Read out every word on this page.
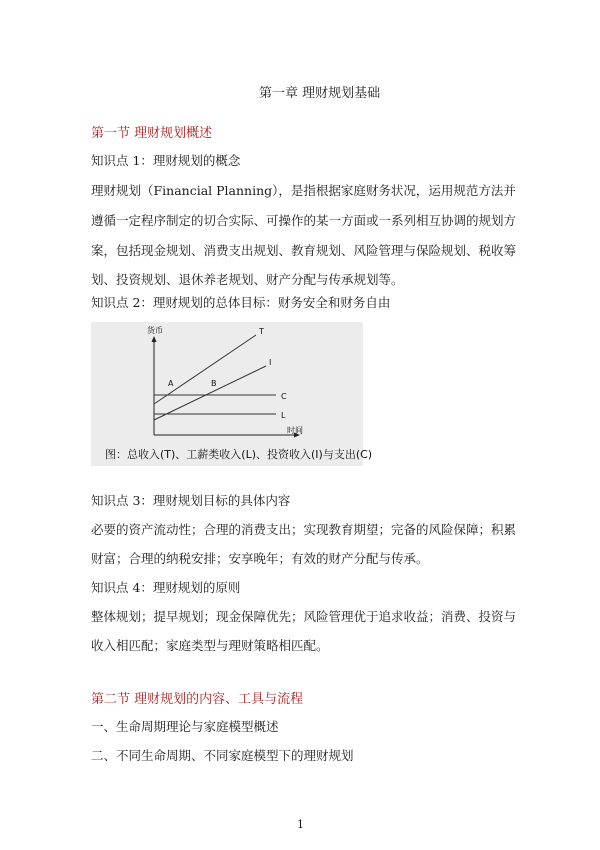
第一章 理财规划基础
第一节 理财规划概述
知识点 1：理财规划的概念
理财规划（Financial Planning），是指根据家庭财务状况，运用规范方法并
遵循一定程序制定的切合实际、可操作的某一方面或一系列相互协调的规划方
案，包括现金规划、消费支出规划、教育规划、风险管理与保险规划、税收筹
划、投资规划、退休养老规划、财产分配与传承规划等。
知识点 2：理财规划的总体目标：财务安全和财务自由
货币
时间
T
I
C
L
A	B
图：总收入(T)、工薪类收入(L)、投资收入(I)与支出(C)
知识点 3：理财规划目标的具体内容
必要的资产流动性；合理的消费支出；实现教育期望；完备的风险保障；积累
财富；合理的纳税安排；安享晚年；有效的财产分配与传承。
知识点 4：理财规划的原则
整体规划；提早规划；现金保障优先；风险管理优于追求收益；消费、投资与
收入相匹配；家庭类型与理财策略相匹配。
第二节 理财规划的内容、工具与流程
一、生命周期理论与家庭模型概述
二、不同生命周期、不同家庭模型下的理财规划
1
